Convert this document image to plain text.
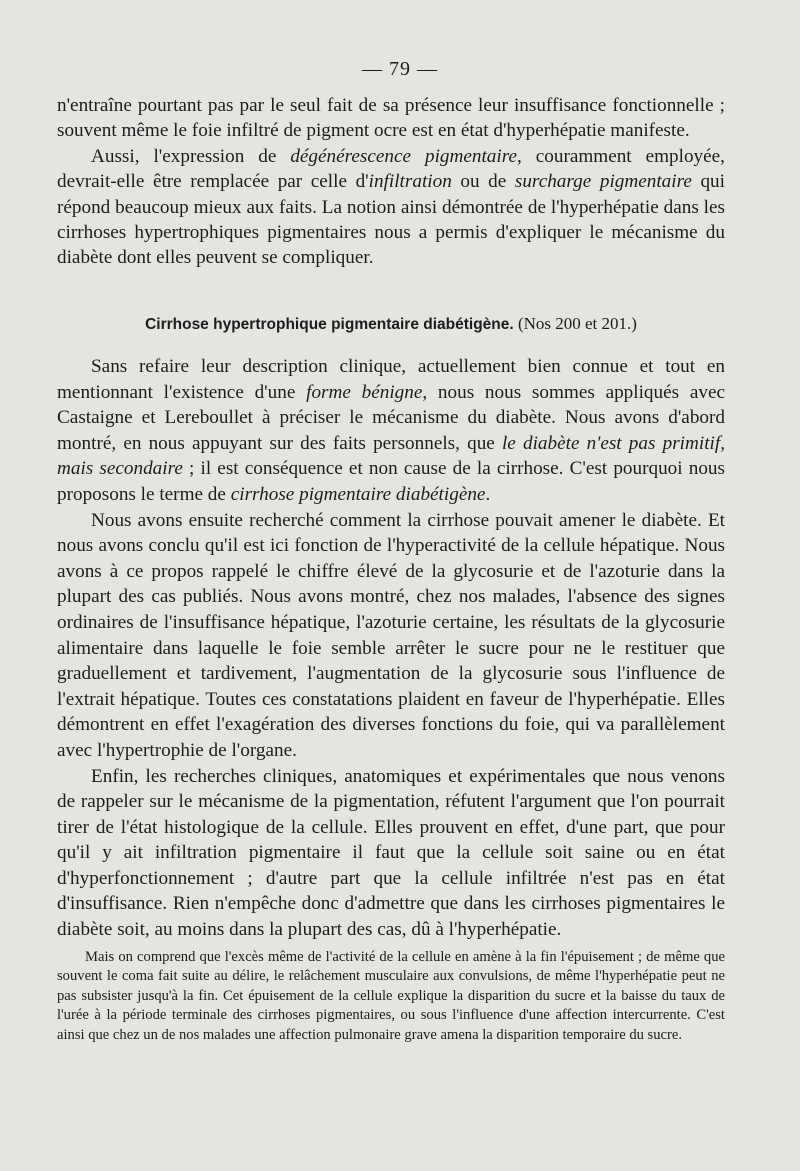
— 79 —

n'entraîne pourtant pas par le seul fait de sa présence leur insuffisance fonctionnelle ; souvent même le foie infiltré de pigment ocre est en état d'hyperhépatie manifeste.

Aussi, l'expression de dégénérescence pigmentaire, couramment employée, devrait-elle être remplacée par celle d'infiltration ou de surcharge pigmentaire qui répond beaucoup mieux aux faits. La notion ainsi démontrée de l'hyperhépatie dans les cirrhoses hypertrophiques pigmentaires nous a permis d'expliquer le mécanisme du diabète dont elles peuvent se compliquer.

Cirrhose hypertrophique pigmentaire diabétigène. (Nos 200 et 201.)

Sans refaire leur description clinique, actuellement bien connue et tout en mentionnant l'existence d'une forme bénigne, nous nous sommes appliqués avec Castaigne et Lereboullet à préciser le mécanisme du diabète. Nous avons d'abord montré, en nous appuyant sur des faits personnels, que le diabète n'est pas primitif, mais secondaire ; il est conséquence et non cause de la cirrhose. C'est pourquoi nous proposons le terme de cirrhose pigmentaire diabétigène.

Nous avons ensuite recherché comment la cirrhose pouvait amener le diabète. Et nous avons conclu qu'il est ici fonction de l'hyperactivité de la cellule hépatique. Nous avons à ce propos rappelé le chiffre élevé de la glycosurie et de l'azoturie dans la plupart des cas publiés. Nous avons montré, chez nos malades, l'absence des signes ordinaires de l'insuffisance hépatique, l'azoturie certaine, les résultats de la glycosurie alimentaire dans laquelle le foie semble arrêter le sucre pour ne le restituer que graduellement et tardivement, l'augmentation de la glycosurie sous l'influence de l'extrait hépatique. Toutes ces constatations plaident en faveur de l'hyperhépatie. Elles démontrent en effet l'exagération des diverses fonctions du foie, qui va parallèlement avec l'hypertrophie de l'organe.

Enfin, les recherches cliniques, anatomiques et expérimentales que nous venons de rappeler sur le mécanisme de la pigmentation, réfutent l'argument que l'on pourrait tirer de l'état histologique de la cellule. Elles prouvent en effet, d'une part, que pour qu'il y ait infiltration pigmentaire il faut que la cellule soit saine ou en état d'hyperfonctionnement ; d'autre part que la cellule infiltrée n'est pas en état d'insuffisance. Rien n'empêche donc d'admettre que dans les cirrhoses pigmentaires le diabète soit, au moins dans la plupart des cas, dû à l'hyperhépatie.

Mais on comprend que l'excès même de l'activité de la cellule en amène à la fin l'épuisement ; de même que souvent le coma fait suite au délire, le relâchement musculaire aux convulsions, de même l'hyperhépatie peut ne pas subsister jusqu'à la fin. Cet épuisement de la cellule explique la disparition du sucre et la baisse du taux de l'urée à la période terminale des cirrhoses pigmentaires, ou sous l'influence d'une affection intercurrente. C'est ainsi que chez un de nos malades une affection pulmonaire grave amena la disparition temporaire du sucre.
